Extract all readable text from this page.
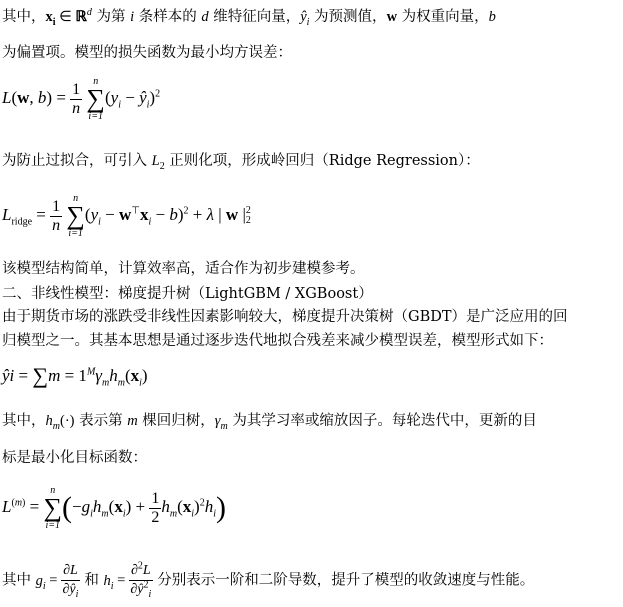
其中，$x_i$ ∈ ℝ$^d$ 为第 i 条样本的 d 维特征向量，$ŷ_i$ 为预测值，w 为权重向量，b
为偏置项。模型的损失函数为最小均方误差：
L(w, $b) = \frac{1}{n}$
	n
∑
i=1
($y_i$ − $ŷ_i)^2$
为防止过拟合，可引入 $L_2$ 正则化项，形成岭回归（Ridge Regression）：
$L_{ridge} = \frac{1}{n}$
	n
∑
i=1
$(y_i - w^⊤x_i - b)^2 + \lambda$ | w | 2
2
该模型结构简单，计算效率高，适合作为初步建模参考。
二、非线性模型：梯度提升树（LightGBM / XGBoost）
由于期货市场的涨跌受非线性因素影响较大，梯度提升决策树（GBDT）是广泛应用的回
归模型之一。其基本思想是通过逐步迭代地拟合残差来减少模型误差，模型形式如下：
ŷi = $\sum m = 1^M\gamma_mh_m(x_i)$
其中，$h_m(\cdot)$ 表示第 m 棵回归树，$\gamma_m$ 为其学习率或缩放因子。每轮迭代中，更新的目
标是最小化目标函数：
$L^{(m)}$ =
n
∑
i=1
$(-g_ih_m(x_i) + \frac{1}{2} h_m(x_i)^2h_i)$
其中 $g_i = \frac{\partial L}{\partial ŷ_i}$ 和 $h_i = \frac{\partial^2L}{\partial ŷ^2_i}$ 分别表示一阶和二阶导数，提升了模型的收敛速度与性能。
